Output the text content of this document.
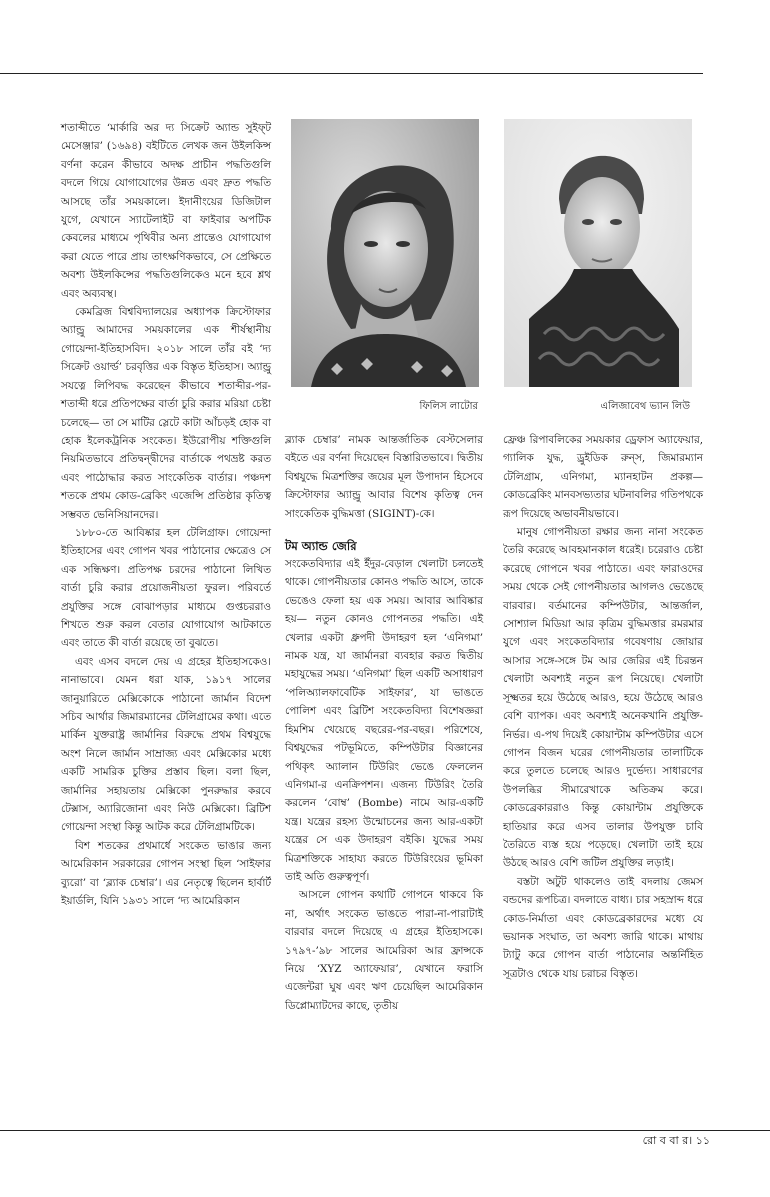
ফিলিস লাটোর	এলিজাবেথ ভ্যান লিউ

শতাব্দীতে ‘মার্কারি অর দ্য সিক্রেট অ্যান্ড সুইফ্‌ট মেসেঞ্জার’ (১৬৯৪) বইটিতে লেখক জন উইলকিন্স বর্ণনা করেন কীভাবে অদক্ষ প্রাচীন পদ্ধতিগুলি বদলে গিয়ে যোগাযোগের উন্নত এবং দ্রুত পদ্ধতি আসছে তাঁর সময়কালে। ইদানীংয়ের ডিজিটাল যুগে, যেখানে স্যাটেলাইট বা ফাইবার অপটিক কেবলের মাধ্যমে পৃথিবীর অন্য প্রান্তেও যোগাযোগ করা যেতে পারে প্রায় তাৎক্ষণিকভাবে, সে প্রেক্ষিতে অবশ্য উইলকিন্সের পদ্ধতিগুলিকেও মনে হবে শ্লথ এবং অব্যবস্থ।

কেমব্রিজ বিশ্ববিদ্যালয়ের অধ্যাপক ক্রিস্টোফার অ্যান্ড্রু আমাদের সময়কালের এক শীর্ষস্থানীয় গোয়েন্দা-ইতিহাসবিদ। ২০১৮ সালে তাঁর বই ‘দ্য সিক্রেট ওয়ার্ল্ড’ চরবৃত্তির এক বিস্তৃত ইতিহাস। অ্যান্ড্রু সযত্নে লিপিবদ্ধ করেছেন কীভাবে শতাব্দীর-পর-শতাব্দী ধরে প্রতিপক্ষের বার্তা চুরি করার মরিয়া চেষ্টা চলেছে— তা সে মাটির স্লেটে কাটা আঁচড়ই হোক বা হোক ইলেকট্রনিক সংকেত। ইউরোপীয় শক্তিগুলি নিয়মিতভাবে প্রতিদ্বন্দ্বীদের বার্তাকে পথভ্রষ্ট করত এবং পাঠোদ্ধার করত সাংকেতিক বার্তার। পঞ্চদশ শতকে প্রথম কোড-ব্রেকিং এজেন্সি প্রতিষ্ঠার কৃতিত্ব সম্ভবত ভেনিসিয়ানদের।

১৮৮০-তে আবিষ্কার হল টেলিগ্রাফ। গোয়েন্দা ইতিহাসের এবং গোপন খবর পাঠানোর ক্ষেত্রেও সে এক সন্ধিক্ষণ। প্রতিপক্ষ চরদের পাঠানো লিখিত বার্তা চুরি করার প্রয়োজনীয়তা ফুরল। পরিবর্তে প্রযুক্তির সঙ্গে বোঝাপড়ার মাধ্যমে গুপ্তচররাও শিখতে শুরু করল বেতার যোগাযোগ আটকাতে এবং তাতে কী বার্তা রয়েছে তা বুঝতে।

এবং এসব বদলে দেয় এ গ্রহের ইতিহাসকেও। নানাভাবে। যেমন ধরা যাক, ১৯১৭ সালের জানুয়ারিতে মেক্সিকোকে পাঠানো জার্মান বিদেশ সচিব আর্থার জিমারম্যানের টেলিগ্রামের কথা। এতে মার্কিন যুক্তরাষ্ট্র জার্মানির বিরুদ্ধে প্রথম বিশ্বযুদ্ধে অংশ নিলে জার্মান সাম্রাজ্য এবং মেক্সিকোর মধ্যে একটি সামরিক চুক্তির প্রস্তাব ছিল। বলা ছিল, জার্মানির সহায়তায় মেক্সিকো পুনরুদ্ধার করবে টেক্সাস, অ্যারিজোনা এবং নিউ মেক্সিকো। ব্রিটিশ গোয়েন্দা সংস্থা কিন্তু আটক করে টেলিগ্রামটিকে।

বিশ শতকের প্রথমার্ধে সংকেত ভাঙার জন্য আমেরিকান সরকারের গোপন সংস্থা ছিল ‘সাইফার ব্যুরো’ বা ‘ব্ল্যাক চেম্বার’। এর নেতৃত্বে ছিলেন হার্বার্ট ইয়ার্ডলি, যিনি ১৯৩১ সালে ‘দ্য আমেরিকান

ব্ল্যাক চেম্বার’ নামক আন্তর্জাতিক বেস্টসেলার বইতে এর বর্ণনা দিয়েছেন বিস্তারিতভাবে। দ্বিতীয় বিশ্বযুদ্ধে মিত্রশক্তির জয়ের মূল উপাদান হিসেবে ক্রিস্টোফার অ্যান্ড্রু আবার বিশেষ কৃতিত্ব দেন সাংকেতিক বুদ্ধিমত্তা (SIGINT)-কে।

টম অ্যান্ড জেরি

সংকেতবিদ্যার এই ইঁদুর-বেড়াল খেলাটা চলতেই থাকে। গোপনীয়তার কোনও পদ্ধতি আসে, তাকে ভেঙেও ফেলা হয় এক সময়। আবার আবিষ্কার হয়— নতুন কোনও গোপনতর পদ্ধতি। এই খেলার একটা ধ্রুপদী উদাহরণ হল ‘এনিগমা’ নামক যন্ত্র, যা জার্মানরা ব্যবহার করত দ্বিতীয় মহাযুদ্ধের সময়। ‘এনিগমা’ ছিল একটি অসাধারণ ‘পলিঅ্যালফাবেটিক সাইফার’, যা ভাঙতে পোলিশ এবং ব্রিটিশ সংকেতবিদ্যা বিশেষজ্ঞরা হিমশিম খেয়েছে বছরের-পর-বছর। পরিশেষে, বিশ্বযুদ্ধের পটভূমিতে, কম্পিউটার বিজ্ঞানের পথিকৃৎ অ্যালান টিউরিং ভেঙে ফেললেন এনিগমা-র এনক্রিপশন। এজন্য টিউরিং তৈরি করলেন ‘বোম্ব’ (Bombe) নামে আর-একটি যন্ত্র। যন্ত্রের রহস্য উন্মোচনের জন্য আর-একটা যন্ত্রের সে এক উদাহরণ বইকি। যুদ্ধের সময় মিত্রশক্তিকে সাহায্য করতে টিউরিংয়ের ভূমিকা তাই অতি গুরুত্বপূর্ণ।

আসলে গোপন কথাটি গোপনে থাকবে কি না, অর্থাৎ সংকেত ভাঙতে পারা-না-পারাটাই বারবার বদলে দিয়েছে এ গ্রহের ইতিহাসকে। ১৭৯৭-’৯৮ সালের আমেরিকা আর ফ্রান্সকে নিয়ে ‘XYZ অ্যাফেয়ার’, যেখানে ফরাসি এজেন্টরা ঘুষ এবং ঋণ চেয়েছিল আমেরিকান ডিপ্লোম্যাটদের কাছে, তৃতীয়

ফ্রেঞ্চ রিপাবলিকের সময়কার ড্রেফাস অ্যাফেয়ার, গ্যালিক যুদ্ধ, ড্রুইডিক রুন্‌স, জিমারম্যান টেলিগ্রাম, এনিগমা, ম্যানহাটন প্রকল্প— কোডব্রেকিং মানবসভ্যতার ঘটনাবলির গতিপথকে রূপ দিয়েছে অভাবনীয়ভাবে।

মানুষ গোপনীয়তা রক্ষার জন্য নানা সংকেত তৈরি করেছে আবহমানকাল ধরেই। চরেরাও চেষ্টা করেছে গোপনে খবর পাঠাতে। এবং ফারাওদের সময় থেকে সেই গোপনীয়তার আগলও ভেঙেছে বারবার। বর্তমানের কম্পিউটার, আন্তর্জাল, সোশ্যাল মিডিয়া আর কৃত্রিম বুদ্ধিমত্তার রমরমার যুগে এবং সংকেতবিদ্যার গবেষণায় জোয়ার আসার সঙ্গে-সঙ্গে টম আর জেরির এই চিরন্তন খেলাটা অবশ্যই নতুন রূপ নিয়েছে। খেলাটা সূক্ষ্মতর হয়ে উঠেছে আরও, হয়ে উঠেছে আরও বেশি ব্যাপক। এবং অবশ্যই অনেকখানি প্রযুক্তি-নির্ভর। এ-পথ দিয়েই কোয়ান্টাম কম্পিউটার এসে গোপন বিজন ঘরের গোপনীয়তার তালাটিকে করে তুলতে চলেছে আরও দুর্ভেদ্য। সাধারণের উপলব্ধির সীমারেখাকে অতিক্রম করে। কোডব্রেকাররাও কিন্তু কোয়ান্টাম প্রযুক্তিকে হাতিয়ার করে এসব তালার উপযুক্ত চাবি তৈরিতে ব্যস্ত হয়ে পড়েছে। খেলাটা তাই হয়ে উঠছে আরও বেশি জটিল প্রযুক্তির লড়াই।

বস্তটা অটুট থাকলেও তাই বদলায় জেমস বন্ডদের রূপচিত্র। বদলাতে বাধ্য। চার সহস্রাব্দ ধরে কোড-নির্মাতা এবং কোডব্রেকারদের মধ্যে যে ভয়ানক সংঘাত, তা অবশ্য জারি থাকে। মাথায় ট্যাটু করে গোপন বার্তা পাঠানোর অন্তর্নিহিত সূত্রটাও থেকে যায় চরাচর বিস্তৃত।

রো ব বা র। ১১
